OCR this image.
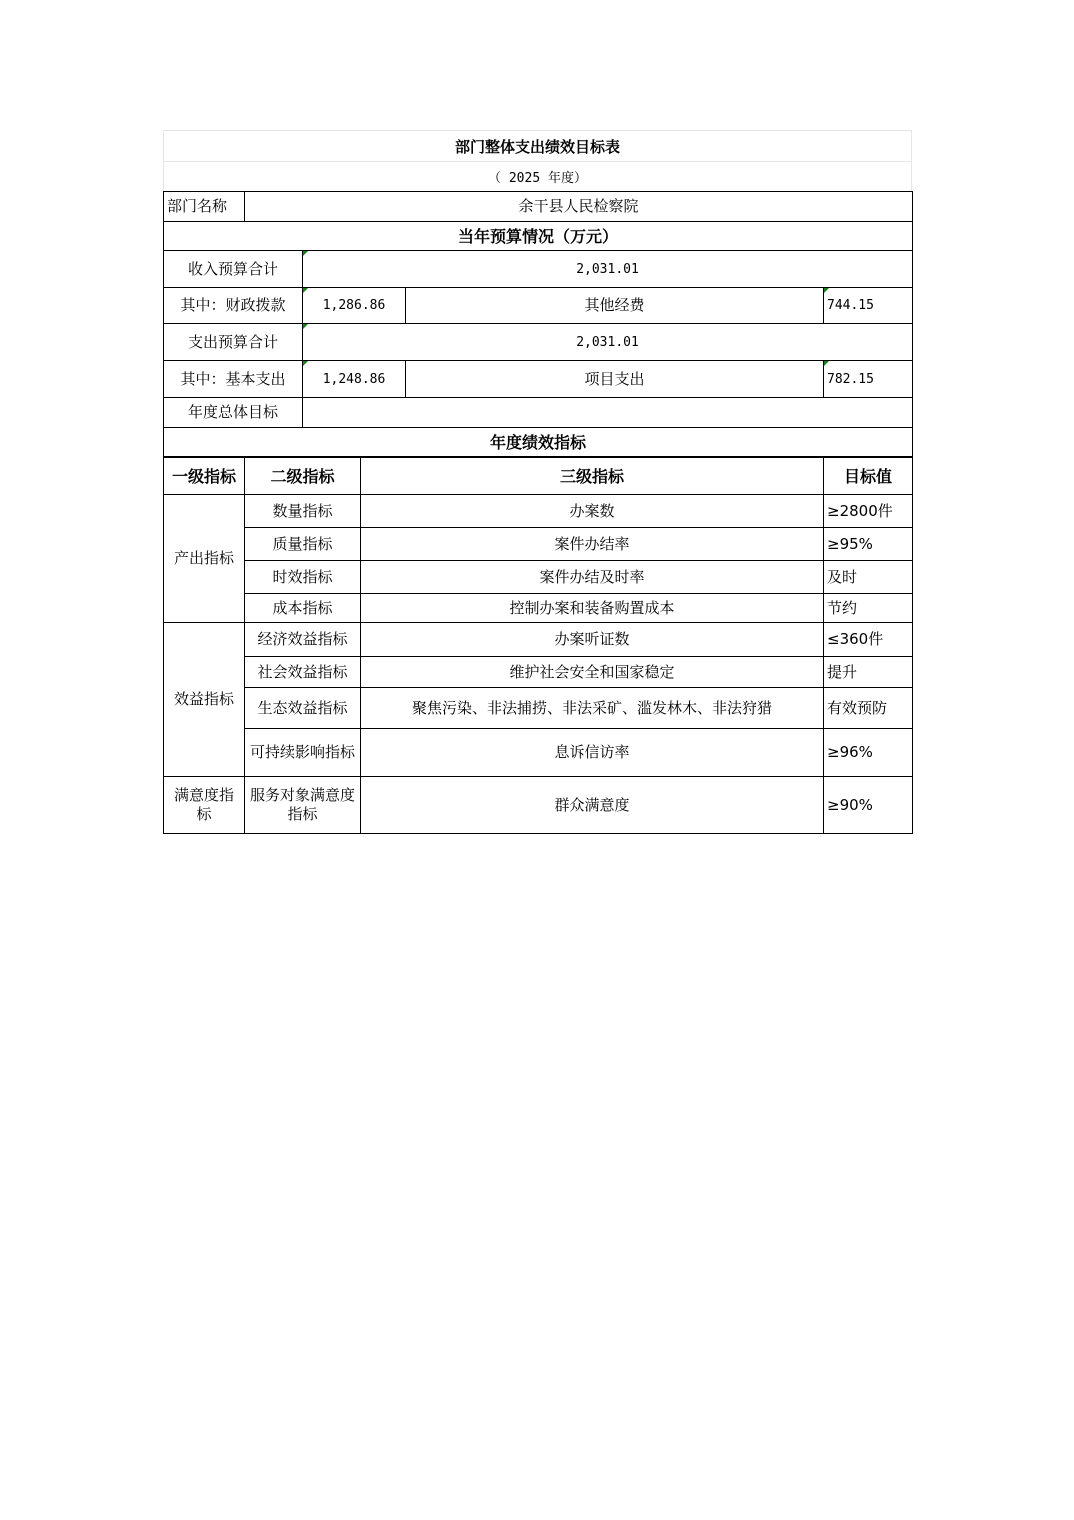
部门整体支出绩效目标表
（ 2025 年度）
部门名称	余干县人民检察院			
当年预算情况（万元）				
收入预算合计		2,031.01		
其中：财政拨款		1,286.86	其他经费	744.15
支出预算合计		2,031.01		
其中：基本支出		1,248.86	项目支出	782.15
年度总体目标				
年度绩效指标				
一级指标	二级指标	三级指标	目标值
产出指标	数量指标	办案数	≥2800件
	质量指标	案件办结率	≥95%
	时效指标	案件办结及时率	及时
	成本指标	控制办案和装备购置成本	节约
效益指标	经济效益指标	办案听证数	≤360件
	社会效益指标	维护社会安全和国家稳定	提升
	生态效益指标	聚焦污染、非法捕捞、非法采矿、滥发林木、非法狩猎	有效预防
	可持续影响指标	息诉信访率	≥96%
满意度指标	服务对象满意度指标	群众满意度	≥90%
